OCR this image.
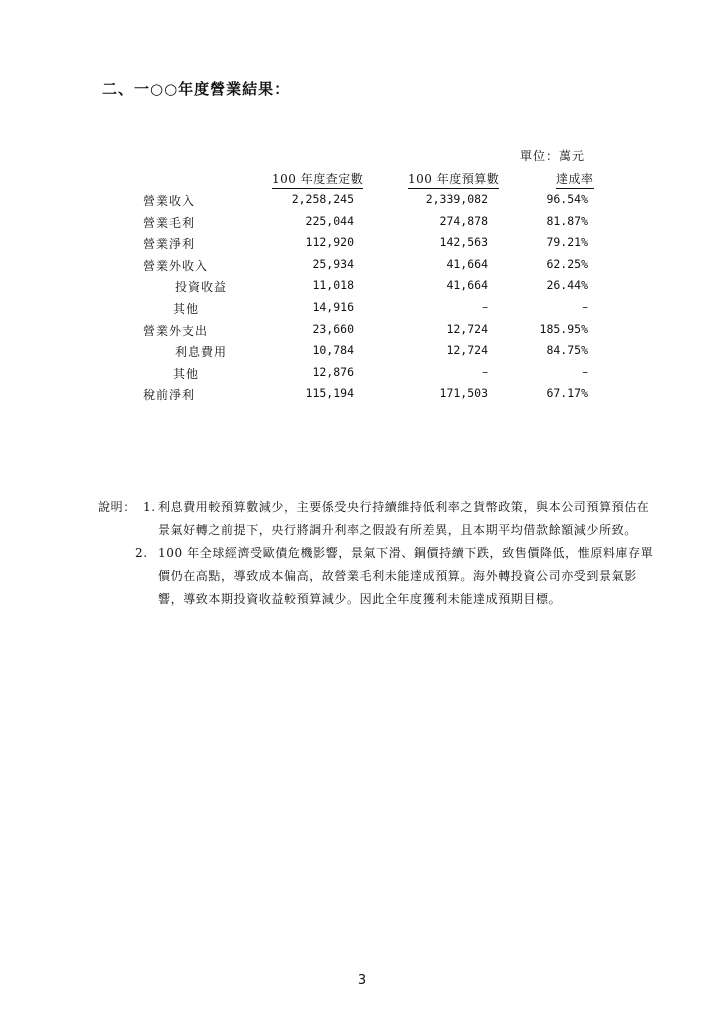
二、一○○年度營業結果：
單位：萬元
100 年度查定數	100 年度預算數	達成率
營業收入	2,258,245	2,339,082	96.54%
營業毛利	225,044	274,878	81.87%
營業淨利	112,920	142,563	79.21%
營業外收入	25,934	41,664	62.25%
投資收益	11,018	41,664	26.44%
其他	14,916	–	–
營業外支出	23,660	12,724	185.95%
利息費用	10,784	12,724	84.75%
其他	12,876	–	–
稅前淨利	115,194	171,503	67.17%
說明： 1. 利息費用較預算數減少，主要係受央行持續維持低利率之貨幣政策，與本公司預算預估在景氣好轉之前提下，央行將調升利率之假設有所差異，且本期平均借款餘額減少所致。
2. 100 年全球經濟受歐債危機影響，景氣下滑、鋼價持續下跌，致售價降低，惟原料庫存單價仍在高點，導致成本偏高，故營業毛利未能達成預算。海外轉投資公司亦受到景氣影響，導致本期投資收益較預算減少。因此全年度獲利未能達成預期目標。
3
